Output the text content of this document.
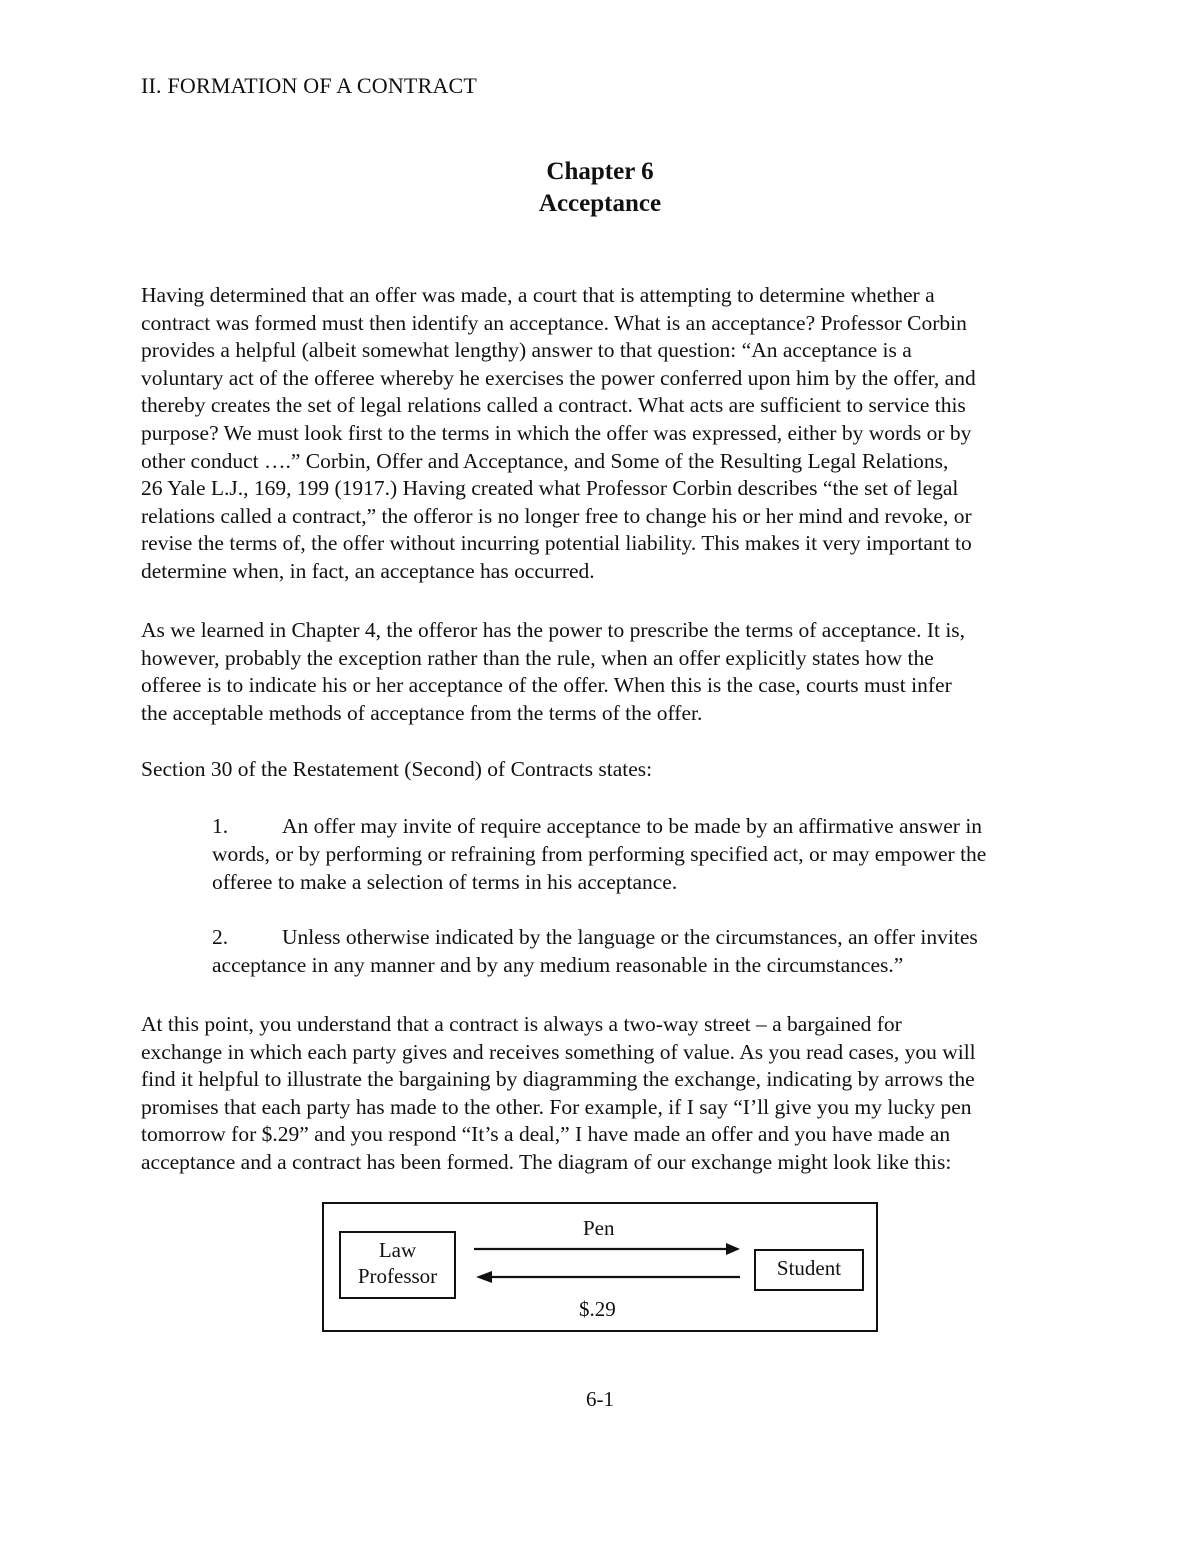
II. FORMATION OF A CONTRACT
Chapter 6
Acceptance
Having determined that an offer was made, a court that is attempting to determine whether a
contract was formed must then identify an acceptance. What is an acceptance? Professor Corbin
provides a helpful (albeit somewhat lengthy) answer to that question: “An acceptance is a
voluntary act of the offeree whereby he exercises the power conferred upon him by the offer, and
thereby creates the set of legal relations called a contract. What acts are sufficient to service this
purpose? We must look first to the terms in which the offer was expressed, either by words or by
other conduct ….” Corbin, Offer and Acceptance, and Some of the Resulting Legal Relations,
26 Yale L.J., 169, 199 (1917.) Having created what Professor Corbin describes “the set of legal
relations called a contract,” the offeror is no longer free to change his or her mind and revoke, or
revise the terms of, the offer without incurring potential liability. This makes it very important to
determine when, in fact, an acceptance has occurred.
As we learned in Chapter 4, the offeror has the power to prescribe the terms of acceptance. It is,
however, probably the exception rather than the rule, when an offer explicitly states how the
offeree is to indicate his or her acceptance of the offer. When this is the case, courts must infer
the acceptable methods of acceptance from the terms of the offer.
Section 30 of the Restatement (Second) of Contracts states:
1.	An offer may invite of require acceptance to be made by an affirmative answer in
words, or by performing or refraining from performing specified act, or may empower the
offeree to make a selection of terms in his acceptance.
2.	Unless otherwise indicated by the language or the circumstances, an offer invites
acceptance in any manner and by any medium reasonable in the circumstances.”
At this point, you understand that a contract is always a two-way street – a bargained for
exchange in which each party gives and receives something of value. As you read cases, you will
find it helpful to illustrate the bargaining by diagramming the exchange, indicating by arrows the
promises that each party has made to the other. For example, if I say “I’ll give you my lucky pen
tomorrow for $.29” and you respond “It’s a deal,” I have made an offer and you have made an
acceptance and a contract has been formed. The diagram of our exchange might look like this:
Law
Professor	Student
Pen
$.29
6-1
